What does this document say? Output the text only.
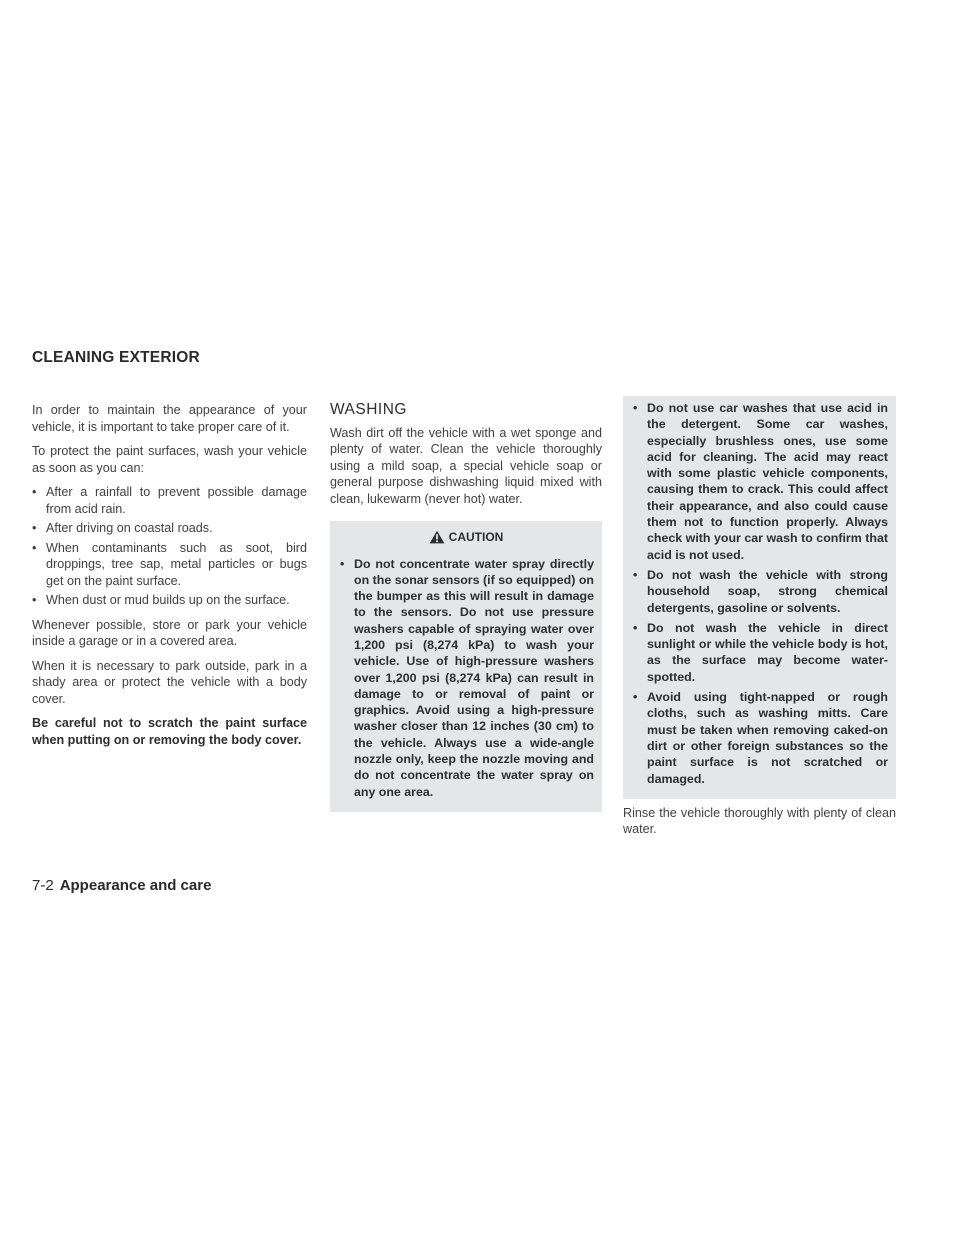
CLEANING EXTERIOR

In order to maintain the appearance of your vehicle, it is important to take proper care of it.

To protect the paint surfaces, wash your vehicle as soon as you can:

• After a rainfall to prevent possible damage from acid rain.
• After driving on coastal roads.
• When contaminants such as soot, bird droppings, tree sap, metal particles or bugs get on the paint surface.
• When dust or mud builds up on the surface.

Whenever possible, store or park your vehicle inside a garage or in a covered area.

When it is necessary to park outside, park in a shady area or protect the vehicle with a body cover.

Be careful not to scratch the paint surface when putting on or removing the body cover.

WASHING

Wash dirt off the vehicle with a wet sponge and plenty of water. Clean the vehicle thoroughly using a mild soap, a special vehicle soap or general purpose dishwashing liquid mixed with clean, lukewarm (never hot) water.

CAUTION
• Do not concentrate water spray directly on the sonar sensors (if so equipped) on the bumper as this will result in damage to the sensors. Do not use pressure washers capable of spraying water over 1,200 psi (8,274 kPa) to wash your vehicle. Use of high-pressure washers over 1,200 psi (8,274 kPa) can result in damage to or removal of paint or graphics. Avoid using a high-pressure washer closer than 12 inches (30 cm) to the vehicle. Always use a wide-angle nozzle only, keep the nozzle moving and do not concentrate the water spray on any one area.
• Do not use car washes that use acid in the detergent. Some car washes, especially brushless ones, use some acid for cleaning. The acid may react with some plastic vehicle components, causing them to crack. This could affect their appearance, and also could cause them not to function properly. Always check with your car wash to confirm that acid is not used.
• Do not wash the vehicle with strong household soap, strong chemical detergents, gasoline or solvents.
• Do not wash the vehicle in direct sunlight or while the vehicle body is hot, as the surface may become water-spotted.
• Avoid using tight-napped or rough cloths, such as washing mitts. Care must be taken when removing caked-on dirt or other foreign substances so the paint surface is not scratched or damaged.

Rinse the vehicle thoroughly with plenty of clean water.

7-2 Appearance and care
